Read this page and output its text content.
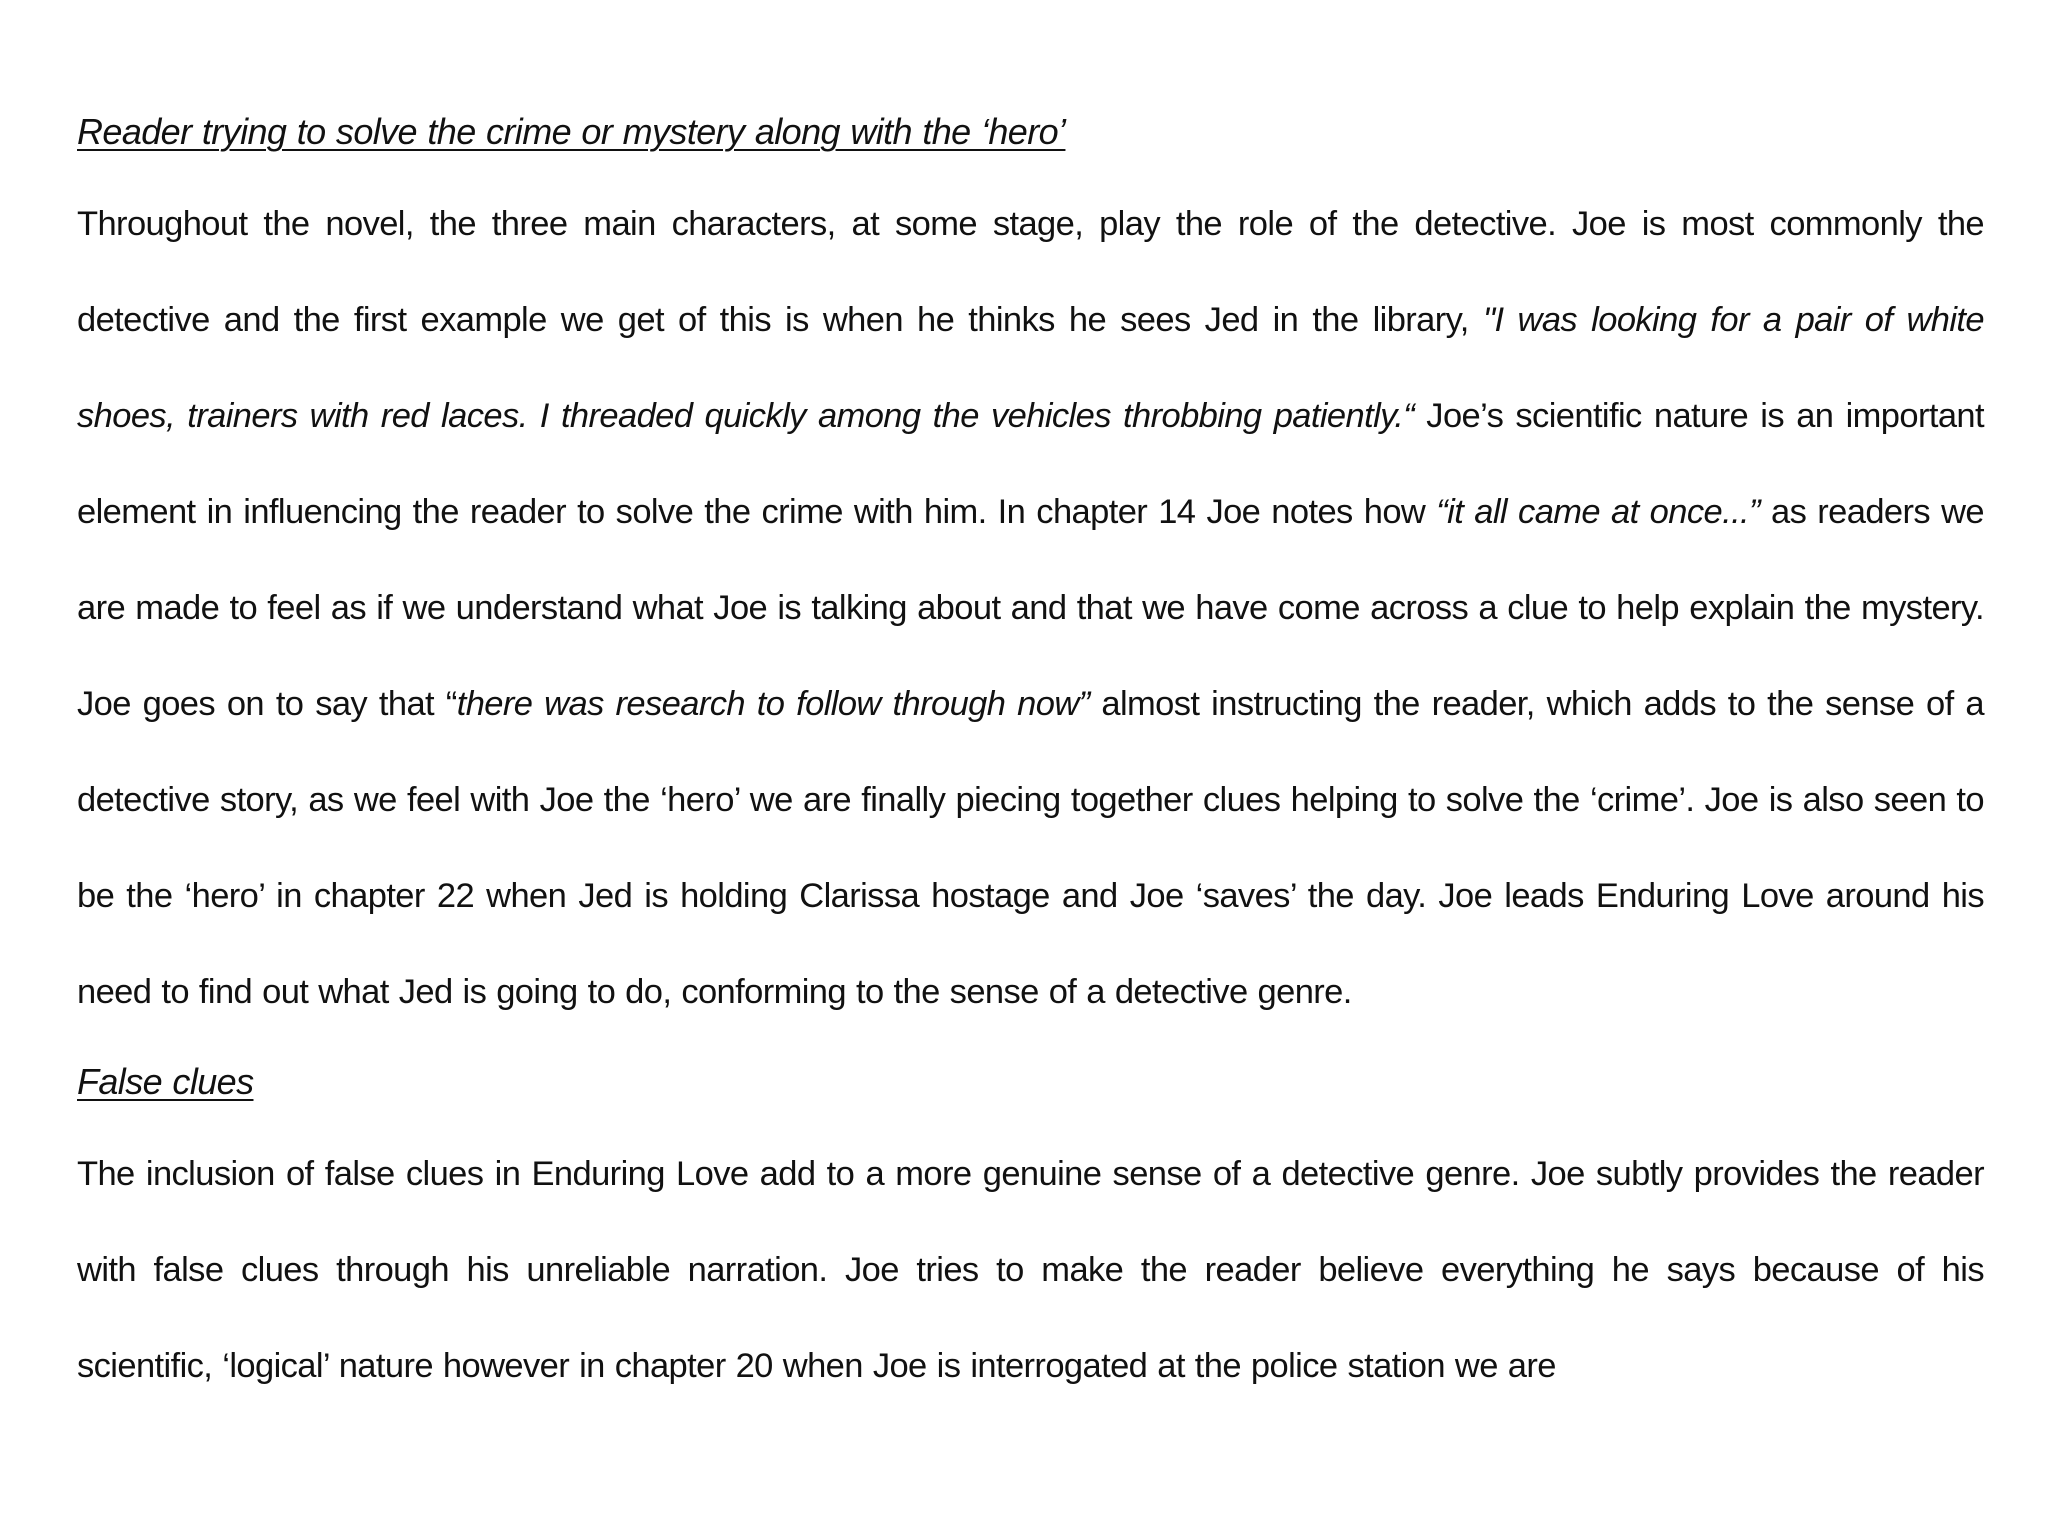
Reader trying to solve the crime or mystery along with the ‘hero’

Throughout the novel, the three main characters, at some stage, play the role of the detective. Joe is most commonly the detective and the first example we get of this is when he thinks he sees Jed in the library, "I was looking for a pair of white shoes, trainers with red laces. I threaded quickly among the vehicles throbbing patiently.“ Joe’s scientific nature is an important element in influencing the reader to solve the crime with him. In chapter 14 Joe notes how “it all came at once...” as readers we are made to feel as if we understand what Joe is talking about and that we have come across a clue to help explain the mystery. Joe goes on to say that “there was research to follow through now” almost instructing the reader, which adds to the sense of a detective story, as we feel with Joe the ‘hero’ we are finally piecing together clues helping to solve the ‘crime’. Joe is also seen to be the ‘hero’ in chapter 22 when Jed is holding Clarissa hostage and Joe ‘saves’ the day. Joe leads Enduring Love around his need to find out what Jed is going to do, conforming to the sense of a detective genre.

False clues

The inclusion of false clues in Enduring Love add to a more genuine sense of a detective genre. Joe subtly provides the reader with false clues through his unreliable narration. Joe tries to make the reader believe everything he says because of his scientific, ‘logical’ nature however in chapter 20 when Joe is interrogated at the police station we are
